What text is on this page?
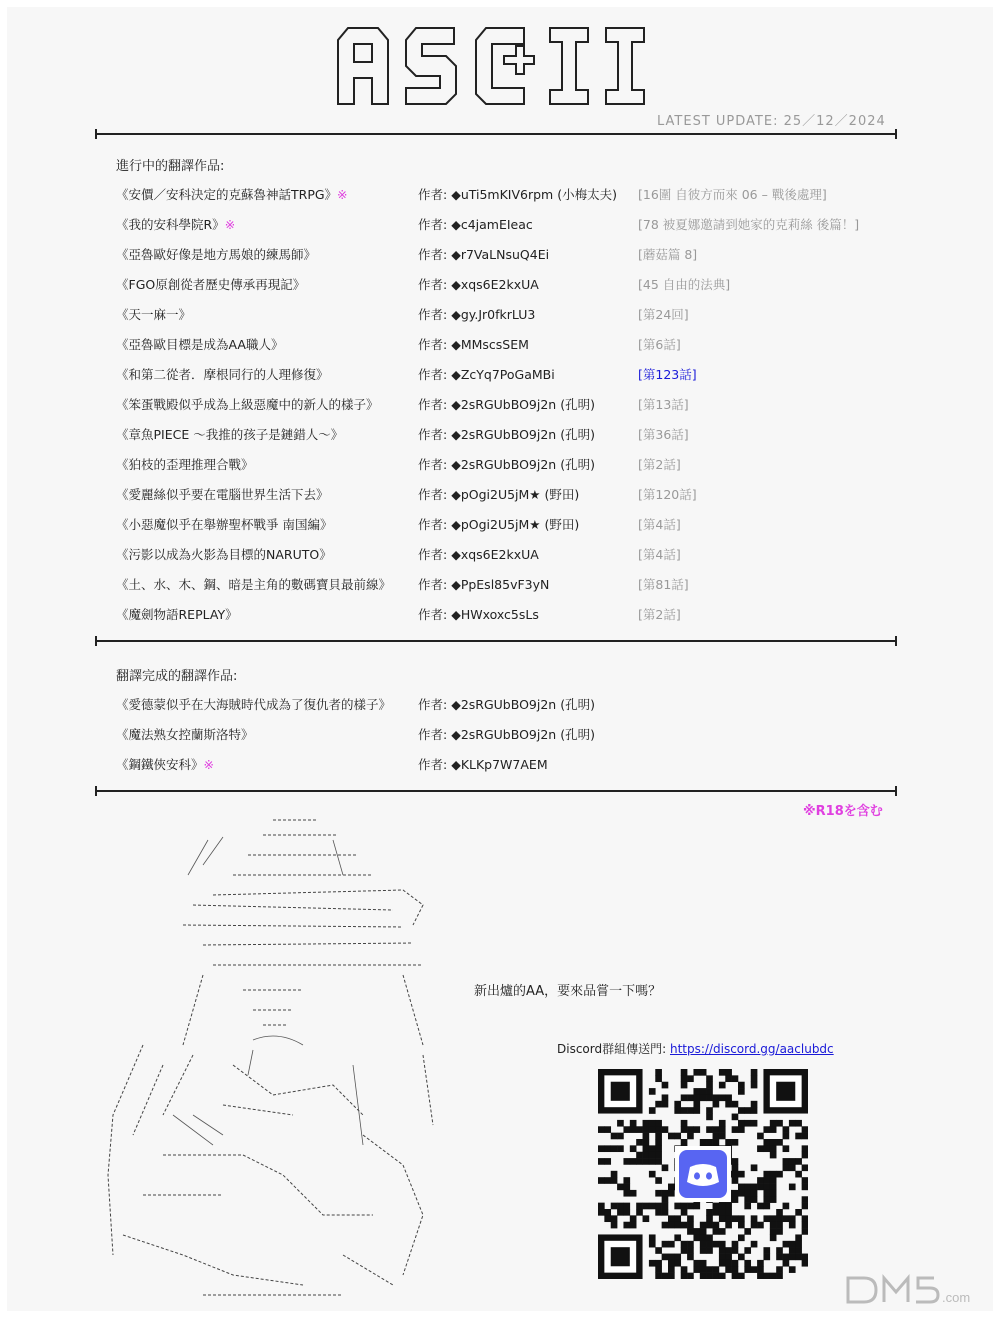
LATEST UPDATE: 25／12／2024
進行中的翻譯作品:
《安價／安科決定的克蘇魯神話TRPG》※	作者: ◆uTi5mKIV6rpm (小梅太夫) [16圍 自彼方而來 06 – 戰後處理]
《我的安科學院R》※	作者: ◆c4jamEIeac	[78 被夏娜邀請到她家的克莉絲 後篇！]
《亞魯歐好像是地方馬娘的練馬師》	作者: ◆r7VaLNsuQ4Ei	[蘑菇篇 8]
《FGO原創從者歷史傳承再現記》	作者: ◆xqs6E2kxUA	[45 自由的法典]
《天一麻一》	作者: ◆gy.Jr0fkrLU3	[第24回]
《亞魯歐目標是成為AA職人》	作者: ◆MMscsSEM	[第6話]
《和第二從者．摩根同行的人理修復》	作者: ◆ZcYq7PoGaMBi	[第123話]
《笨蛋戰殿似乎成為上級惡魔中的新人的樣子》	作者: ◆2sRGUbBO9j2n (孔明)	[第13話]
《章魚PIECE ～我推的孩子是鏈錯人～》	作者: ◆2sRGUbBO9j2n (孔明)	[第36話]
《狛枝的歪理推理合戰》	作者: ◆2sRGUbBO9j2n (孔明)	[第2話]
《愛麗絲似乎要在電腦世界生活下去》	作者: ◆pOgi2U5jM★ (野田)	[第120話]
《小惡魔似乎在舉辦聖杯戰爭 南国編》	作者: ◆pOgi2U5jM★ (野田)	[第4話]
《污影以成為火影為目標的NARUTO》	作者: ◆xqs6E2kxUA	[第4話]
《土、水、木、鋼、暗是主角的數碼寶貝最前線》 作者: ◆PpEsl85vF3yN	[第81話]
《魔劍物語REPLAY》	作者: ◆HWxoxc5sLs	[第2話]
翻譯完成的翻譯作品:
《愛德蒙似乎在大海賊時代成為了復仇者的樣子》 作者: ◆2sRGUbBO9j2n (孔明)
《魔法熟女控蘭斯洛特》	作者: ◆2sRGUbBO9j2n (孔明)
《鋼鐵俠安科》※	作者: ◆KLKp7W7AEM
※R18を含む
新出爐的AA，要來品嘗一下嗎？
Discord群組傳送門: https://discord.gg/aaclubdc
.com
